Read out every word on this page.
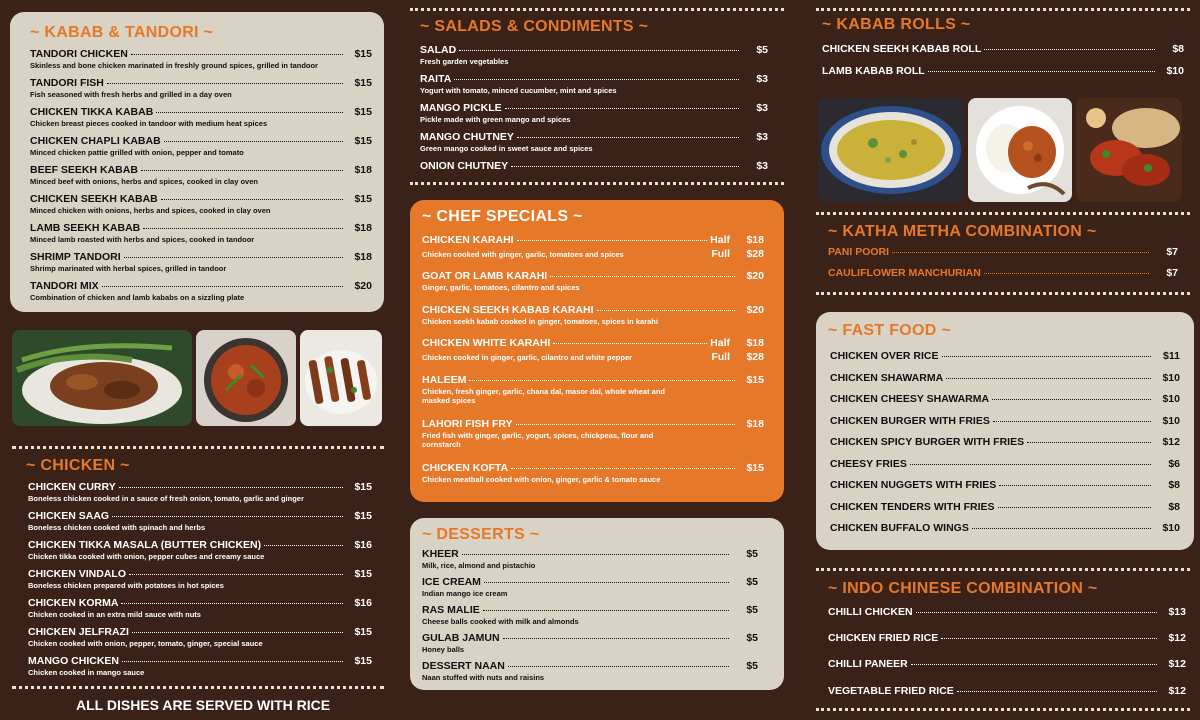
~ KABAB & TANDORI ~
TANDORI CHICKEN	$15
Skinless and bone chicken marinated in freshly ground spices, grilled in tandoor
TANDORI FISH	$15
Fish seasoned with fresh herbs and grilled in a day oven
CHICKEN TIKKA KABAB	$15
Chicken breast pieces cooked in tandoor with medium heat spices
CHICKEN CHAPLI KABAB	$15
Minced chicken pattie grilled with onion, pepper and tomato
BEEF SEEKH KABAB	$18
Minced beef with onions, herbs and spices, cooked in clay oven
CHICKEN SEEKH KABAB	$15
Minced chicken with onions, herbs and spices, cooked in clay oven
LAMB SEEKH KABAB	$18
Minced lamb roasted with herbs and spices, cooked in tandoor
SHRIMP TANDORI	$18
Shrimp marinated with herbal spices, grilled in tandoor
TANDORI MIX	$20
Combination of chicken and lamb kababs on a sizzling plate
~ CHICKEN ~
CHICKEN CURRY	$15
Boneless chicken cooked in a sauce of fresh onion, tomato, garlic and ginger
CHICKEN SAAG	$15
Boneless chicken cooked with spinach and herbs
CHICKEN TIKKA MASALA (BUTTER CHICKEN)	$16
Chicken tikka cooked with onion, pepper cubes and creamy sauce
CHICKEN VINDALO	$15
Boneless chicken prepared with potatoes in hot spices
CHICKEN KORMA	$16
Chicken cooked in an extra mild sauce with nuts
CHICKEN JELFRAZI	$15
Chicken cooked with onion, pepper, tomato, ginger, special sauce
MANGO CHICKEN	$15
Chicken cooked in mango sauce
ALL DISHES ARE SERVED WITH RICE
~ SALADS & CONDIMENTS ~
SALAD	$5
Fresh garden vegetables
RAITA	$3
Yogurt with tomato, minced cucumber, mint and spices
MANGO PICKLE	$3
Pickle made with green mango and spices
MANGO CHUTNEY	$3
Green mango cooked in sweet sauce and spices
ONION CHUTNEY	$3
~ CHEF SPECIALS ~
CHICKEN KARAHI	Half	$18
Chicken cooked with ginger, garlic, tomatoes and spices	Full	$28
GOAT OR LAMB KARAHI	$20
Ginger, garlic, tomatoes, cilantro and spices
CHICKEN SEEKH KABAB KARAHI	$20
Chicken seekh kabab cooked in ginger, tomatoes, spices in karahi
CHICKEN WHITE KARAHI	Half	$18
Chicken cooked in ginger, garlic, cilantro and white pepper	Full	$28
HALEEM	$15
Chicken, fresh ginger, garlic, chana dal, masor dal, whole wheat and masked spices
LAHORI FISH FRY	$18
Fried fish with ginger, garlic, yogurt, spices, chickpeas, flour and cornstarch
CHICKEN KOFTA	$15
Chicken meatball cooked with onion, ginger, garlic & tomato sauce
~ DESSERTS ~
KHEER	$5
Milk, rice, almond and pistachio
ICE CREAM	$5
Indian mango ice cream
RAS MALIE	$5
Cheese balls cooked with milk and almonds
GULAB JAMUN	$5
Honey balls
DESSERT NAAN	$5
Naan stuffed with nuts and raisins
~ KABAB ROLLS ~
CHICKEN SEEKH KABAB ROLL	$8
LAMB KABAB ROLL	$10
~ KATHA METHA COMBINATION ~
PANI POORI	$7
CAULIFLOWER MANCHURIAN	$7
~ FAST FOOD ~
CHICKEN OVER RICE	$11
CHICKEN SHAWARMA	$10
CHICKEN CHEESY SHAWARMA	$10
CHICKEN BURGER WITH FRIES	$10
CHICKEN SPICY BURGER WITH FRIES	$12
CHEESY FRIES	$6
CHICKEN NUGGETS WITH FRIES	$8
CHICKEN TENDERS WITH FRIES	$8
CHICKEN BUFFALO WINGS	$10
~ INDO CHINESE COMBINATION ~
CHILLI CHICKEN	$13
CHICKEN FRIED RICE	$12
CHILLI PANEER	$12
VEGETABLE FRIED RICE	$12
